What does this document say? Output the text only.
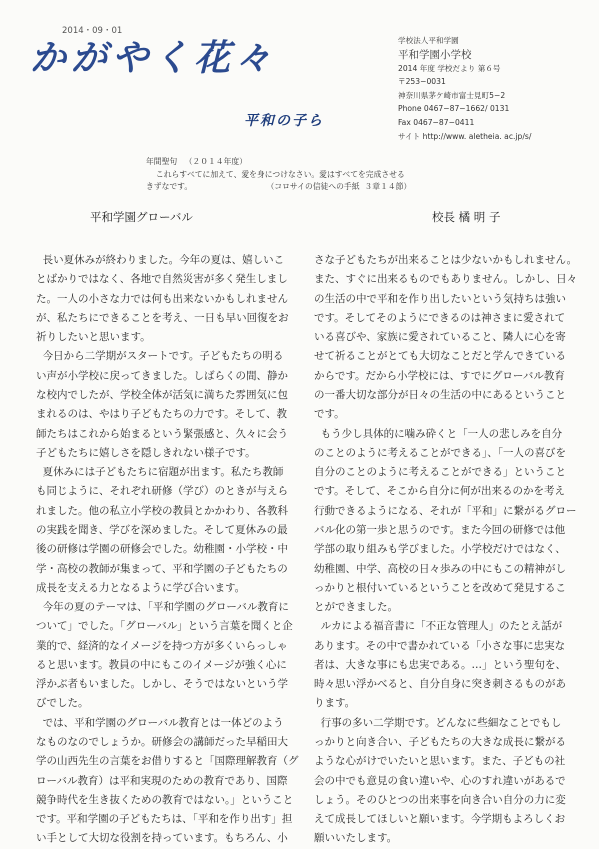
2014・09・01
かがやく花々
平和の子ら
学校法人平和学園
平和学園小学校
2014 年度 学校だより 第６号
〒253−0031
神奈川県茅ケ崎市富士見町5−2
Phone 0467−87−1662/ 0131
Fax 0467−87−0411
サイト http://www. aletheia. ac.jp/s/
年間聖句   （２０１４年度）
これらすべてに加えて、愛を身につけなさい。愛はすべてを完成させる
きずなです。                              （コロサイの信徒への手紙  ３章１４節）
平和学園グローバル	校長 橘 明 子

長い夏休みが終わりました。今年の夏は、嬉しいこ
とばかりではなく、各地で自然災害が多く発生しまし
た。一人の小さな力では何も出来ないかもしれません
が、私たちにできることを考え、一日も早い回復をお
祈りしたいと思います。

今日から二学期がスタートです。子どもたちの明る
い声が小学校に戻ってきました。しばらくの間、静か
な校内でしたが、学校全体が活気に満ちた雰囲気に包
まれるのは、やはり子どもたちの力です。そして、教
師たちはこれから始まるという緊張感と、久々に会う
子どもたちに嬉しさを隠しきれない様子です。

夏休みには子どもたちに宿題が出ます。私たち教師
も同じように、それぞれ研修（学び）のときが与えら
れました。他の私立小学校の教員とかかわり、各教科
の実践を聞き、学びを深めました。そして夏休みの最
後の研修は学園の研修会でした。幼稚園・小学校・中
学・高校の教師が集まって、平和学園の子どもたちの
成長を支える力となるように学び合います。

今年の夏のテーマは、「平和学園のグローバル教育に
ついて」でした。「グローバル」という言葉を聞くと企
業的で、経済的なイメージを持つ方が多くいらっしゃ
ると思います。教員の中にもこのイメージが強く心に
浮かぶ者もいました。しかし、そうではないという学
びでした。

では、平和学園のグローバル教育とは一体どのよう
なものなのでしょうか。研修会の講師だった早稲田大
学の山西先生の言葉をお借りすると「国際理解教育（グ
ローバル教育）は平和実現のための教育であり、国際
競争時代を生き抜くための教育ではない。」ということ
です。平和学園の子どもたちは、「平和を作り出す」担
い手として大切な役割を持っています。もちろん、小

さな子どもたちが出来ることは少ないかもしれません。
また、すぐに出来るものでもありません。しかし、日々
の生活の中で平和を作り出したいという気持ちは強い
です。そしてそのようにできるのは神さまに愛されて
いる喜びや、家族に愛されていること、隣人に心を寄
せて祈ることがとても大切なことだと学んできている
からです。だから小学校には、すでにグローバル教育
の一番大切な部分が日々の生活の中にあるということ
です。

もう少し具体的に噛み砕くと「一人の悲しみを自分
のことのように考えることができる」、「一人の喜びを
自分のことのように考えることができる」ということ
です。そして、そこから自分に何が出来るのかを考え
行動できるようになる、それが「平和」に繋がるグロー
バル化の第一歩と思うのです。また今回の研修では他
学部の取り組みも学びました。小学校だけではなく、
幼稚園、中学、高校の日々歩みの中にもこの精神がし
っかりと根付いているということを改めて発見するこ
とができました。

ルカによる福音書に「不正な管理人」のたとえ話が
あります。その中で書かれている「小さな事に忠実な
者は、大きな事にも忠実である。…」という聖句を、
時々思い浮かべると、自分自身に突き刺さるものがあ
ります。

行事の多い二学期です。どんなに些細なことでもし
っかりと向き合い、子どもたちの大きな成長に繋がる
ような心がけでいたいと思います。また、子どもの社
会の中でも意見の食い違いや、心のすれ違いがあるで
しょう。そのひとつの出来事を向き合い自分の力に変
えて成長してほしいと願います。今学期もよろしくお
願いいたします。
